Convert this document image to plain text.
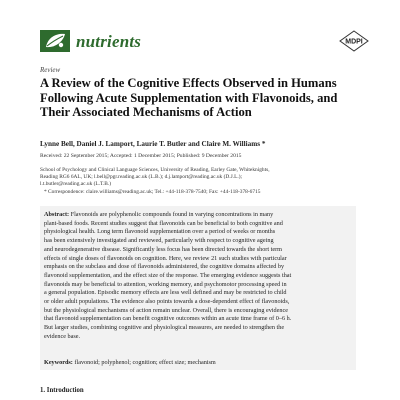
nutrients	MDPI
Review
A Review of the Cognitive Effects Observed in Humans Following Acute Supplementation with Flavonoids, and Their Associated Mechanisms of Action
Lynne Bell, Daniel J. Lamport, Laurie T. Butler and Claire M. Williams *
Received: 22 September 2015; Accepted: 1 December 2015; Published: 9 December 2015
School of Psychology and Clinical Language Sciences, University of Reading, Earley Gate, Whiteknights,
Reading RG6 6AL, UK; l.bell@pgr.reading.ac.uk (L.B.); d.j.lamport@reading.ac.uk (D.J.L.);
l.t.butler@reading.ac.uk (L.T.B.)
* Correspondence: claire.williams@reading.ac.uk; Tel.: +44-118-378-7540; Fax: +44-118-378-6715
Abstract: Flavonoids are polyphenolic compounds found in varying concentrations in many
plant-based foods. Recent studies suggest that flavonoids can be beneficial to both cognitive and
physiological health. Long term flavonoid supplementation over a period of weeks or months
has been extensively investigated and reviewed, particularly with respect to cognitive ageing
and neurodegenerative disease. Significantly less focus has been directed towards the short term
effects of single doses of flavonoids on cognition. Here, we review 21 such studies with particular
emphasis on the subclass and dose of flavonoids administered, the cognitive domains affected by
flavonoid supplementation, and the effect size of the response. The emerging evidence suggests that
flavonoids may be beneficial to attention, working memory, and psychomotor processing speed in
a general population. Episodic memory effects are less well defined and may be restricted to child
or older adult populations. The evidence also points towards a dose-dependent effect of flavonoids,
but the physiological mechanisms of action remain unclear. Overall, there is encouraging evidence
that flavonoid supplementation can benefit cognitive outcomes within an acute time frame of 0–6 h.
But larger studies, combining cognitive and physiological measures, are needed to strengthen the
evidence base.
Keywords: flavonoid; polyphenol; cognition; effect size; mechanism
1. Introduction
